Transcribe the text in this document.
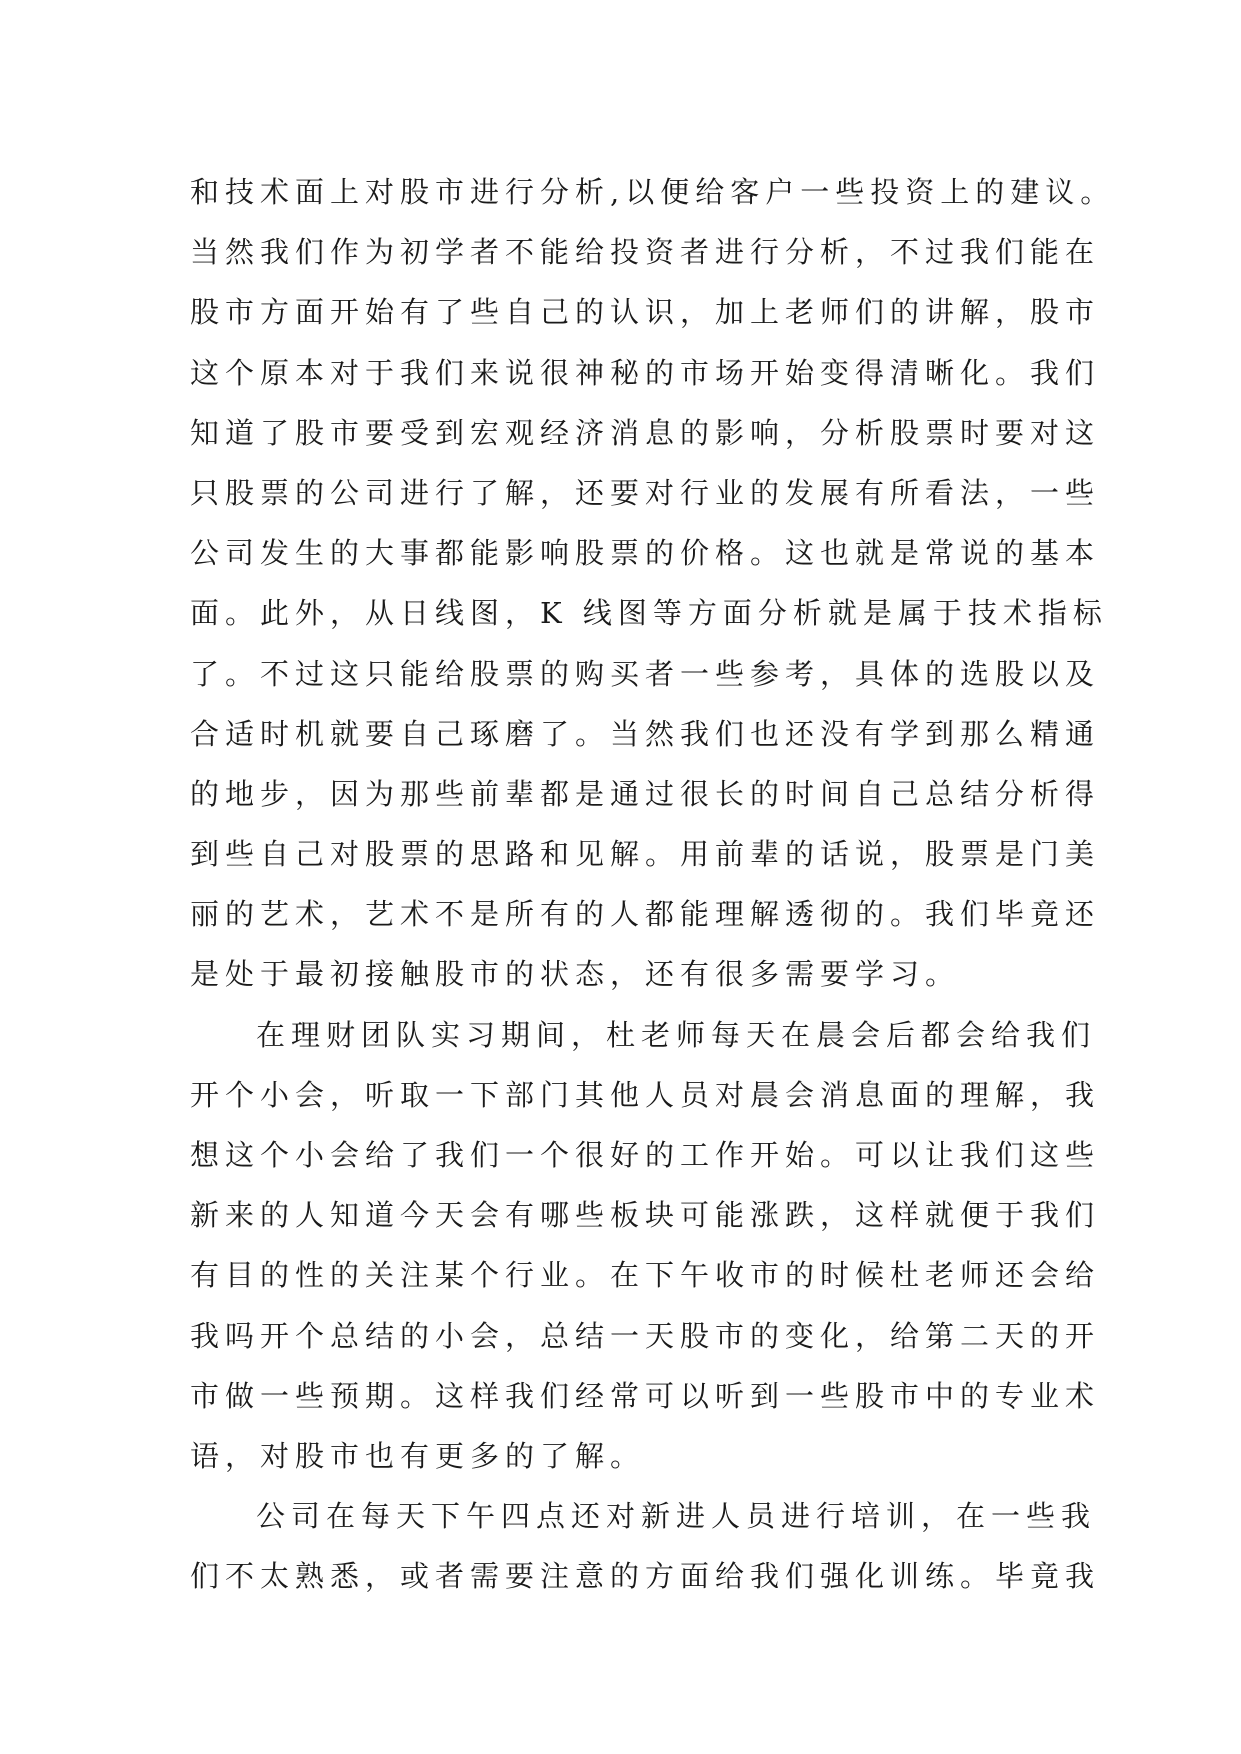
和技术面上对股市进行分析,以便给客户一些投资上的建议。
当然我们作为初学者不能给投资者进行分析，不过我们能在
股市方面开始有了些自己的认识，加上老师们的讲解，股市
这个原本对于我们来说很神秘的市场开始变得清晰化。我们
知道了股市要受到宏观经济消息的影响，分析股票时要对这
只股票的公司进行了解，还要对行业的发展有所看法，一些
公司发生的大事都能影响股票的价格。这也就是常说的基本
面。此外，从日线图，K 线图等方面分析就是属于技术指标
了。不过这只能给股票的购买者一些参考，具体的选股以及
合适时机就要自己琢磨了。当然我们也还没有学到那么精通
的地步，因为那些前辈都是通过很长的时间自己总结分析得
到些自己对股票的思路和见解。用前辈的话说，股票是门美
丽的艺术，艺术不是所有的人都能理解透彻的。我们毕竟还
是处于最初接触股市的状态，还有很多需要学习。
在理财团队实习期间，杜老师每天在晨会后都会给我们
开个小会，听取一下部门其他人员对晨会消息面的理解，我
想这个小会给了我们一个很好的工作开始。可以让我们这些
新来的人知道今天会有哪些板块可能涨跌，这样就便于我们
有目的性的关注某个行业。在下午收市的时候杜老师还会给
我吗开个总结的小会，总结一天股市的变化，给第二天的开
市做一些预期。这样我们经常可以听到一些股市中的专业术
语，对股市也有更多的了解。
公司在每天下午四点还对新进人员进行培训，在一些我
们不太熟悉，或者需要注意的方面给我们强化训练。毕竟我
